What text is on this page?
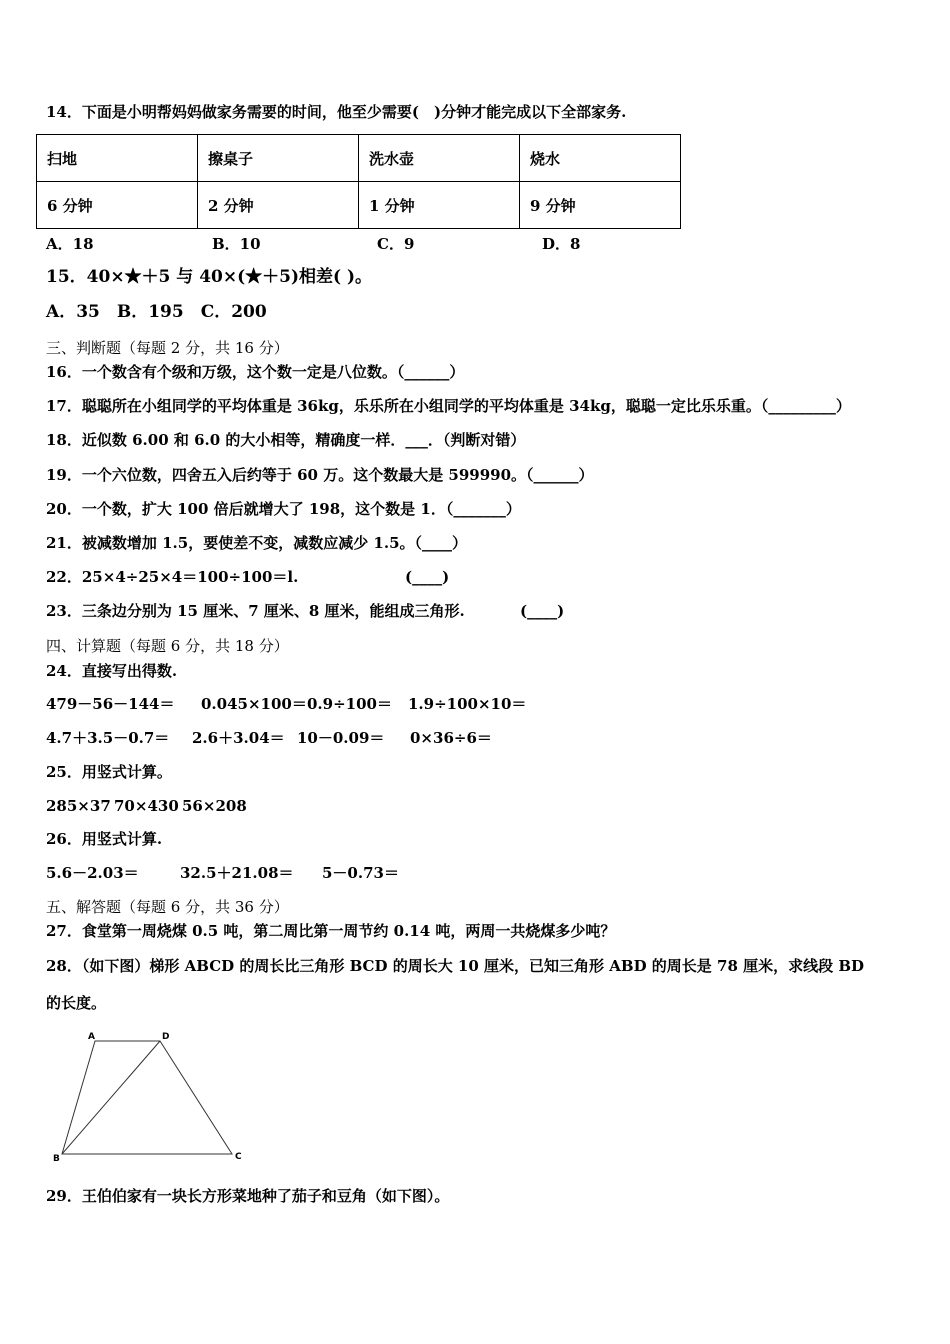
14．下面是小明帮妈妈做家务需要的时间，他至少需要(　)分钟才能完成以下全部家务.
扫地	擦桌子	洗水壶	烧水
6 分钟	2 分钟	1 分钟	9 分钟
A．18	B．10	C．9	D．8
15．40×★＋5 与 40×(★＋5)相差( )。
A．35　B．195　C．200
三、判断题（每题 2 分，共 16 分）
16．一个数含有个级和万级，这个数一定是八位数。（______）
17．聪聪所在小组同学的平均体重是 36kg，乐乐所在小组同学的平均体重是 34kg，聪聪一定比乐乐重。（_________）
18．近似数 6.00 和 6.0 的大小相等，精确度一样．___．（判断对错）
19．一个六位数，四舍五入后约等于 60 万。这个数最大是 599990。（______）
20．一个数，扩大 100 倍后就增大了 198，这个数是 1．（_______）
21．被减数增加 1.5，要使差不变，减数应减少 1.5。（____）
22．25×4÷25×4＝100÷100＝l.	(____)
23．三条边分别为 15 厘米、7 厘米、8 厘米，能组成三角形.	(____)
四、计算题（每题 6 分，共 18 分）
24．直接写出得数.
479－56－144＝ 0.045×100＝ 0.9÷100＝ 1.9÷100×10＝
4.7＋3.5－0.7＝ 2.6＋3.04＝ 10－0.09＝ 0×36÷6＝
25．用竖式计算。
285×37 70×430 56×208
26．用竖式计算.
5.6－2.03＝	32.5＋21.08＝ 5－0.73＝
五、解答题（每题 6 分，共 36 分）
27．食堂第一周烧煤 0.5 吨，第二周比第一周节约 0.14 吨，两周一共烧煤多少吨？
28．（如下图）梯形 ABCD 的周长比三角形 BCD 的周长大 10 厘米，已知三角形 ABD 的周长是 78 厘米，求线段 BD
的长度。
A	D
B	C
29．王伯伯家有一块长方形菜地种了茄子和豆角（如下图）。
